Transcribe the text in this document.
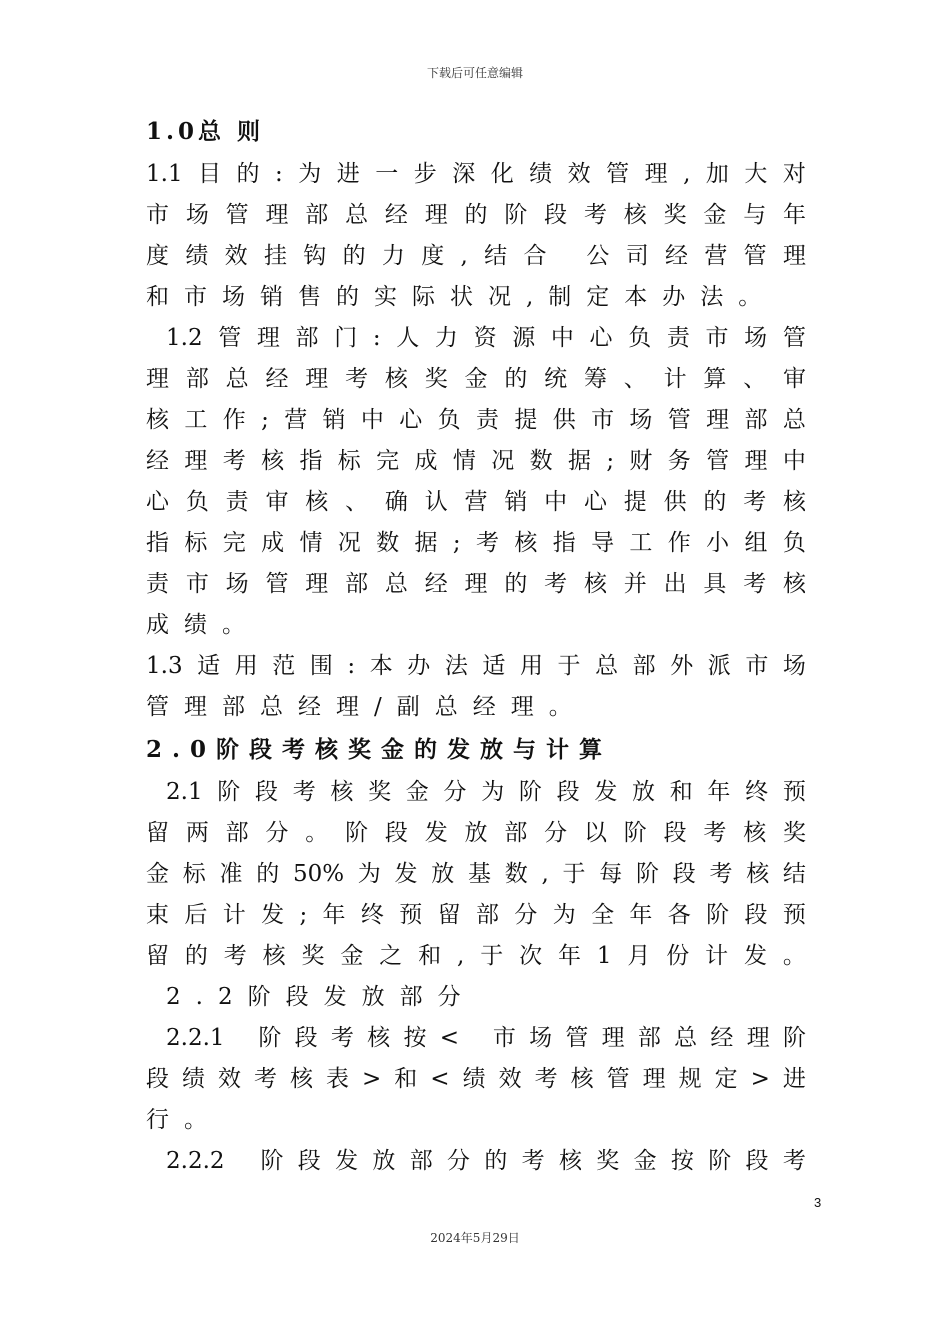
下载后可任意编辑
1.0总 则
1.1 目 的 : 为 进 一 步 深 化 绩 效 管 理 , 加 大 对
市 场 管 理 部 总 经 理 的 阶 段 考 核 奖 金 与 年
度 绩 效 挂 钩 的 力 度 , 结 合
公 司 经 营 管 理
和市场销售的实际状况,制定本办法。
1.2 管 理 部 门 : 人 力 资 源 中 心 负 责 市 场 管
理 部 总 经 理 考 核 奖 金 的 统 筹 、 计 算 、 审
核 工 作 ; 营 销 中 心 负 责 提 供 市 场 管 理 部 总
经 理 考 核 指 标 完 成 情 况 数 据 ; 财 务 管 理 中
心 负 责 审 核 、 确 认 营 销 中 心 提 供 的 考 核
指 标 完 成 情 况 数 据 ; 考 核 指 导 工 作 小 组 负
责 市 场 管 理 部 总 经 理 的 考 核 并 出 具 考 核
成绩。
1.3 适 用 范 围 : 本 办 法 适 用 于 总 部 外 派 市 场
管理部总经理/副总经理。
2.0阶段考核奖金的发放与计算
2.1 阶 段 考 核 奖 金 分 为 阶 段 发 放 和 年 终 预
留 两 部 分 。 阶 段 发 放 部 分 以 阶 段 考 核 奖
金 标 准 的 50% 为 发 放 基 数 , 于 每 阶 段 考 核 结
束 后 计 发 ; 年 终 预 留 部 分 为 全 年 各 阶 段 预
留 的 考 核 奖 金 之 和 , 于 次 年 1 月 份 计 发 。
2.2阶段发放部分
2.2.1
阶 段 考 核 按 <
市 场 管 理 部 总 经 理 阶
段 绩 效 考 核 表 > 和 < 绩 效 考 核 管 理 规 定 > 进
行。
2.2.2
阶 段 发 放 部 分 的 考 核 奖 金 按 阶 段 考
3
2024年5月29日
